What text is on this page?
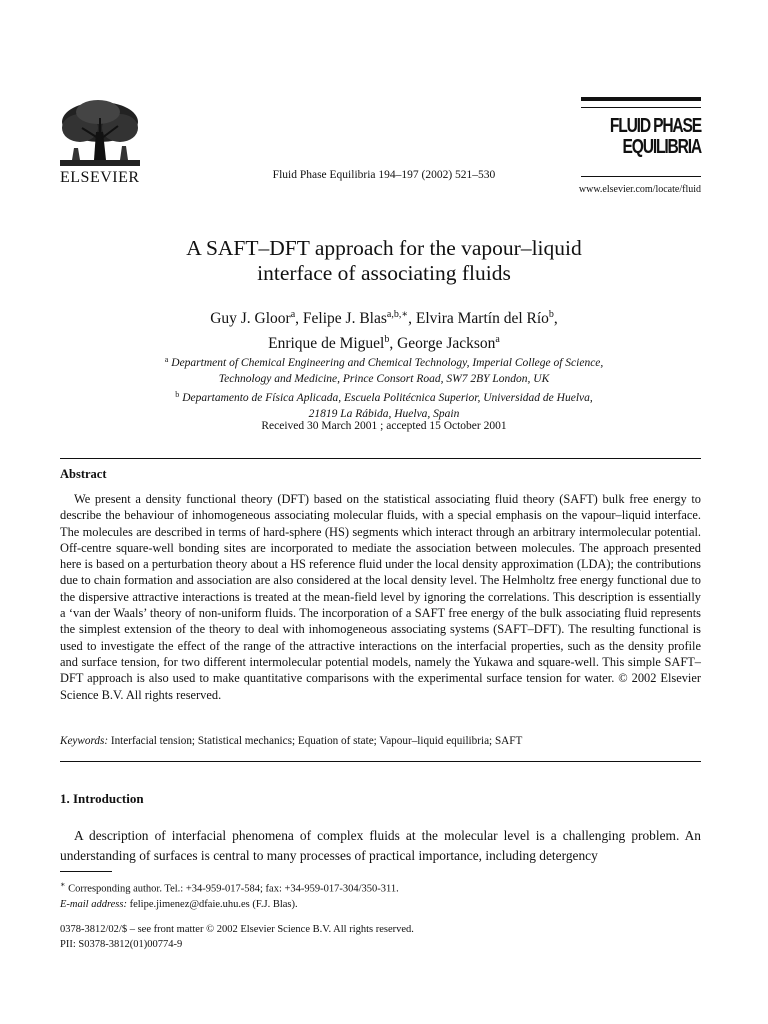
ELSEVIER	Fluid Phase Equilibria 194–197 (2002) 521–530
FLUID PHASE
EQUILIBRIA
www.elsevier.com/locate/fluid
A SAFT–DFT approach for the vapour–liquid
interface of associating fluids
Guy J. Gloor$^a$, Felipe J. Blas$^{a,b,∗}$, Elvira Martín del Río$^b$,
Enrique de Miguel$^b$, George Jackson$^a$
$^a$ Department of Chemical Engineering and Chemical Technology, Imperial College of Science,
Technology and Medicine, Prince Consort Road, SW7 2BY London, UK
$^b$ Departamento de Física Aplicada, Escuela Politécnica Superior, Universidad de Huelva,
21819 La Rábida, Huelva, Spain
Received 30 March 2001 ; accepted 15 October 2001
Abstract
We present a density functional theory (DFT) based on the statistical associating fluid theory (SAFT) bulk free energy to describe the behaviour of inhomogeneous associating molecular fluids, with a special emphasis on the vapour–liquid interface. The molecules are described in terms of hard-sphere (HS) segments which interact through an arbitrary intermolecular potential. Off-centre square-well bonding sites are incorporated to mediate the association between molecules. The approach presented here is based on a perturbation theory about a HS reference fluid under the local density approximation (LDA); the contributions due to chain formation and association are also considered at the local density level. The Helmholtz free energy functional due to the dispersive attractive interactions is treated at the mean-field level by ignoring the correlations. This description is essentially a ‘van der Waals’ theory of non-uniform fluids. The incorporation of a SAFT free energy of the bulk associating fluid represents the simplest extension of the theory to deal with inhomogeneous associating systems (SAFT–DFT). The resulting functional is used to investigate the effect of the range of the attractive interactions on the interfacial properties, such as the density profile and surface tension, for two different intermolecular potential models, namely the Yukawa and square-well. This simple SAFT–DFT approach is also used to make quantitative comparisons with the experimental surface tension for water. © 2002 Elsevier Science B.V. All rights reserved.
Keywords: Interfacial tension; Statistical mechanics; Equation of state; Vapour–liquid equilibria; SAFT
1. Introduction
A description of interfacial phenomena of complex fluids at the molecular level is a challenging problem. An understanding of surfaces is central to many processes of practical importance, including detergency
∗ Corresponding author. Tel.: +34-959-017-584; fax: +34-959-017-304/350-311.
E-mail address: felipe.jimenez@dfaie.uhu.es (F.J. Blas).
0378-3812/02/$ – see front matter © 2002 Elsevier Science B.V. All rights reserved.
PII: S0378-3812(01)00774-9
